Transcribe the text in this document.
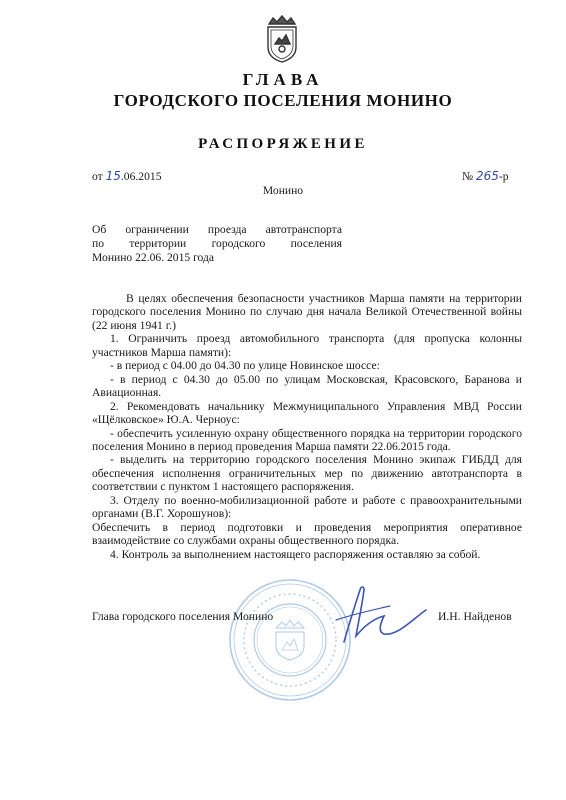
ГЛАВА
ГОРОДСКОГО ПОСЕЛЕНИЯ МОНИНО
РАСПОРЯЖЕНИЕ
от 15.06.2015	№ 265-р
Монино
Об ограничении проезда автотранспорта
по территории городского поселения
Монино 22.06. 2015 года

В целях обеспечения безопасности участников Марша памяти на территории городского поселения Монино по случаю дня начала Великой Отечественной войны (22 июня 1941 г.)

1. Ограничить проезд автомобильного транспорта (для пропуска колонны участников Марша памяти):

- в период с 04.00 до 04.30 по улице Новинское шоссе:

- в период с 04.30 до 05.00 по улицам Московская, Красовского, Баранова и Авиационная.

2. Рекомендовать начальнику Межмуниципального Управления МВД России «Щёлковское» Ю.А. Черноус:

- обеспечить усиленную охрану общественного порядка на территории городского поселения Монино в период проведения Марша памяти 22.06.2015 года.

- выделить на территорию городского поселения Монино экипаж ГИБДД для обеспечения исполнения ограничительных мер по движению автотранспорта в соответствии с пунктом 1 настоящего распоряжения.

3. Отделу по военно-мобилизационной работе и работе с правоохранительными органами (В.Г. Хорошунов):

Обеспечить в период подготовки и проведения мероприятия оперативное взаимодействие со службами охраны общественного порядка.

4. Контроль за выполнением настоящего распоряжения оставляю за собой.

Глава городского поселения Монино	И.Н. Найденов
